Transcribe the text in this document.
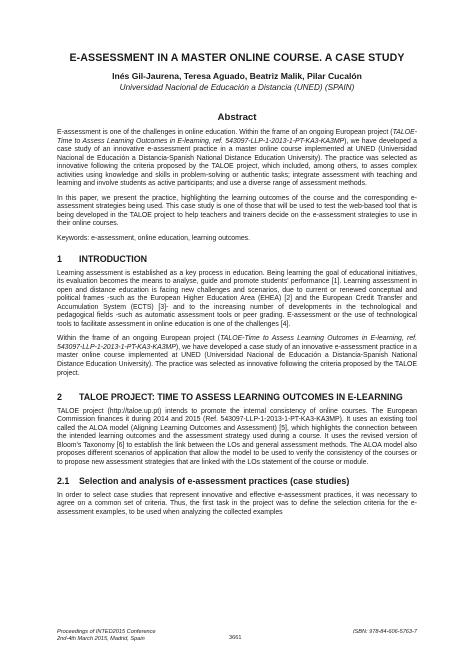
E-ASSESSMENT IN A MASTER ONLINE COURSE. A CASE STUDY
Inés Gil-Jaurena, Teresa Aguado, Beatriz Malik, Pilar Cucalón
Universidad Nacional de Educación a Distancia (UNED) (SPAIN)
Abstract

E-assessment is one of the challenges in online education. Within the frame of an ongoing European project (TALOE-Time to Assess Learning Outcomes in E-learning, ref. 543097-LLP-1-2013-1-PT-KA3-KA3MP), we have developed a case study of an innovative e-assessment practice in a master online course implemented at UNED (Universidad Nacional de Educación a Distancia-Spanish National Distance Education University). The practice was selected as innovative following the criteria proposed by the TALOE project, which included, among others, to asses complex activities using knowledge and skills in problem-solving or authentic tasks; integrate assessment with teaching and learning and involve students as active participants; and use a diverse range of assessment methods.

In this paper, we present the practice, highlighting the learning outcomes of the course and the corresponding e-assessment strategies being used. This case study is one of those that will be used to test the web-based tool that is being developed in the TALOE project to help teachers and trainers decide on the e-assessment strategies to use in their online courses.

Keywords: e-assessment, online education, learning outcomes.

1	INTRODUCTION

Learning assessment is established as a key process in education. Being learning the goal of educational initiatives, its evaluation becomes the means to analyse, guide and promote students' performance [1]. Learning assessment in open and distance education is facing new challenges and scenarios, due to current or renewed conceptual and political frames -such as the European Higher Education Area (EHEA) [2] and the European Credit Transfer and Accumulation System (ECTS) [3]- and to the increasing number of developments in the technological and pedagogical fields -such as automatic assessment tools or peer grading. E-assessment or the use of technological tools to facilitate assessment in online education is one of the challenges [4].

Within the frame of an ongoing European project (TALOE-Time to Assess Learning Outcomes in E-learning, ref. 543097-LLP-1-2013-1-PT-KA3-KA3MP), we have developed a case study of an innovative e-assessment practice in a master online course implemented at UNED (Universidad Nacional de Educación a Distancia-Spanish National Distance Education University). The practice was selected as innovative following the criteria proposed by the TALOE project.

2	TALOE PROJECT: TIME TO ASSESS LEARNING OUTCOMES IN E-LEARNING

TALOE project (http://taloe.up.pt) intends to promote the internal consistency of online courses. The European Commission finances it during 2014 and 2015 (Ref. 543097-LLP-1-2013-1-PT-KA3-KA3MP). It uses an existing tool called the ALOA model (Aligning Learning Outcomes and Assessment) [5], which highlights the connection between the intended learning outcomes and the assessment strategy used during a course. It uses the revised version of Bloom's Taxonomy [6] to establish the link between the LOs and general assessment methods. The ALOA model also proposes different scenarios of application that allow the model to be used to verify the consistency of the courses or to propose new assessment strategies that are linked with the LOs statement of the course or module.

2.1	Selection and analysis of e-assessment practices (case studies)

In order to select case studies that represent innovative and effective e-assessment practices, it was necessary to agree on a common set of criteria. Thus, the first task in the project was to define the selection criteria for the e-assessment examples, to be used when analyzing the collected examples

Proceedings of INTED2015 Conference
2nd-4th March 2015, Madrid, Spain	3661
ISBN: 978-84-606-5763-7
